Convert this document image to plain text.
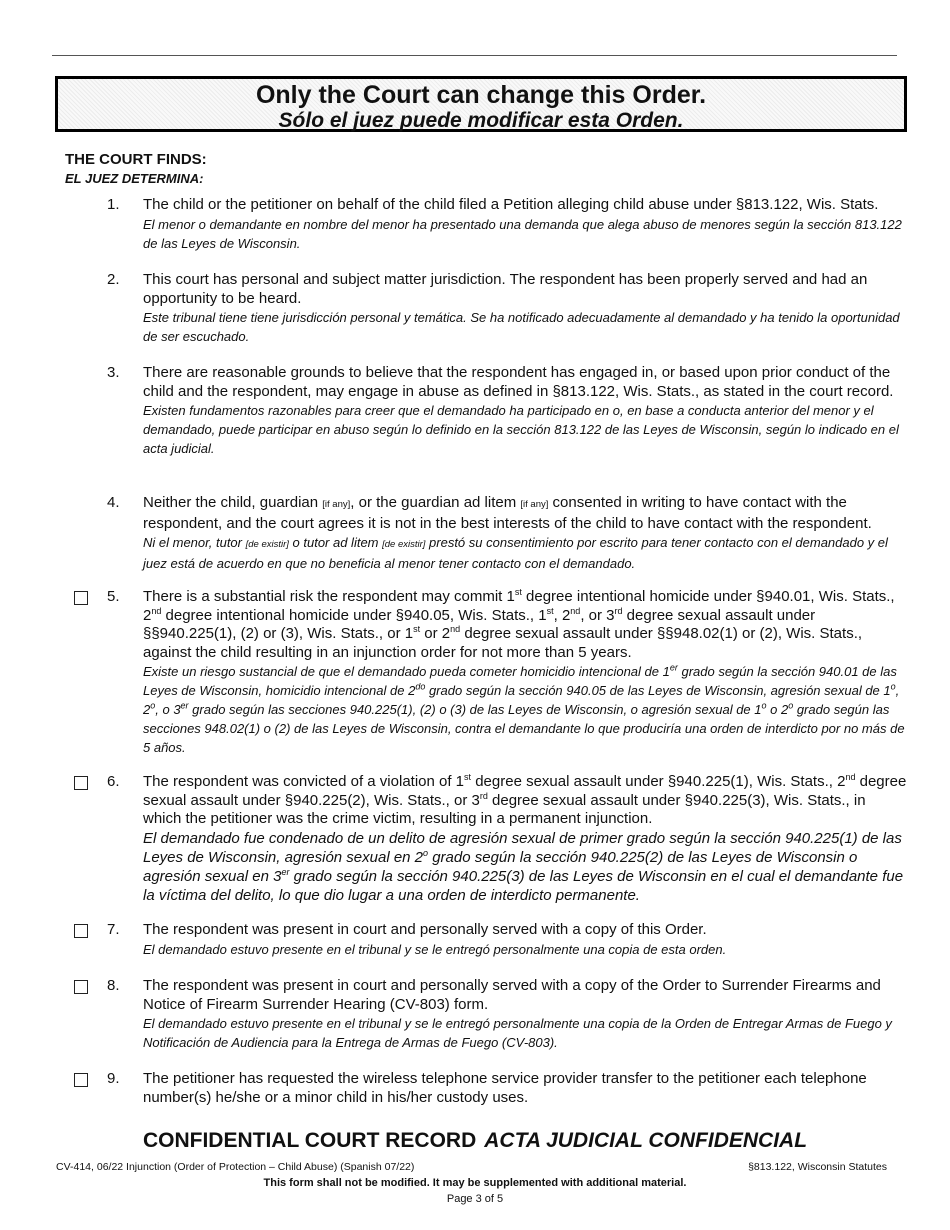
Only the Court can change this Order.
Sólo el juez puede modificar esta Orden.
THE COURT FINDS:
EL JUEZ DETERMINA:
1. The child or the petitioner on behalf of the child filed a Petition alleging child abuse under §813.122, Wis. Stats.
El menor o demandante en nombre del menor ha presentado una demanda que alega abuso de menores según la sección 813.122 de las Leyes de Wisconsin.
2. This court has personal and subject matter jurisdiction. The respondent has been properly served and had an opportunity to be heard.
Este tribunal tiene tiene jurisdicción personal y temática. Se ha notificado adecuadamente al demandado y ha tenido la oportunidad de ser escuchado.
3. There are reasonable grounds to believe that the respondent has engaged in, or based upon prior conduct of the child and the respondent, may engage in abuse as defined in §813.122, Wis. Stats., as stated in the court record.
Existen fundamentos razonables para creer que el demandado ha participado en o, en base a conducta anterior del menor y el demandado, puede participar en abuso según lo definido en la sección 813.122 de las Leyes de Wisconsin, según lo indicado en el acta judicial.
4. Neither the child, guardian [if any], or the guardian ad litem [if any] consented in writing to have contact with the respondent, and the court agrees it is not in the best interests of the child to have contact with the respondent.
Ni el menor, tutor [de existir] o tutor ad litem [de existir] prestó su consentimiento por escrito para tener contacto con el demandado y el juez está de acuerdo en que no beneficia al menor tener contacto con el demandado.
5. There is a substantial risk the respondent may commit 1st degree intentional homicide under §940.01, Wis. Stats., 2nd degree intentional homicide under §940.05, Wis. Stats., 1st, 2nd, or 3rd degree sexual assault under §§940.225(1), (2) or (3), Wis. Stats., or 1st or 2nd degree sexual assault under §§948.02(1) or (2), Wis. Stats., against the child resulting in an injunction order for not more than 5 years.
Existe un riesgo sustancial de que el demandado pueda cometer homicidio intencional de 1er grado según la sección 940.01 de las Leyes de Wisconsin, homicidio intencional de $2^{do}$ grado según la sección 940.05 de las Leyes de Wisconsin, agresión sexual de 1$^o$, 2$^o$, o 3er grado según las secciones 940.225(1), (2) o (3) de las Leyes de Wisconsin, o agresión sexual de 1$^o$ o 2$^o$ grado según las secciones 948.02(1) o (2) de las Leyes de Wisconsin, contra el demandante lo que produciría una orden de interdicto por no más de 5 años.
6. The respondent was convicted of a violation of 1st degree sexual assault under §940.225(1), Wis. Stats., 2nd degree sexual assault under §940.225(2), Wis. Stats., or 3rd degree sexual assault under §940.225(3), Wis. Stats., in which the petitioner was the crime victim, resulting in a permanent injunction.
El demandado fue condenado de un delito de agresión sexual de primer grado según la sección 940.225(1) de las Leyes de Wisconsin, agresión sexual en 2$^o$ grado según la sección 940.225(2) de las Leyes de Wisconsin o agresión sexual en 3er grado según la sección 940.225(3) de las Leyes de Wisconsin en el cual el demandante fue la víctima del delito, lo que dio lugar a una orden de interdicto permanente.
7. The respondent was present in court and personally served with a copy of this Order.
El demandado estuvo presente en el tribunal y se le entregó personalmente una copia de esta orden.
8. The respondent was present in court and personally served with a copy of the Order to Surrender Firearms and Notice of Firearm Surrender Hearing (CV-803) form.
El demandado estuvo presente en el tribunal y se le entregó personalmente una copia de la Orden de Entregar Armas de Fuego y Notificación de Audiencia para la Entrega de Armas de Fuego (CV-803).
9. The petitioner has requested the wireless telephone service provider transfer to the petitioner each telephone number(s) he/she or a minor child in his/her custody uses.
CONFIDENTIAL COURT RECORD ACTA JUDICIAL CONFIDENCIAL
CV-414, 06/22 Injunction (Order of Protection – Child Abuse) (Spanish 07/22)	§813.122, Wisconsin Statutes
This form shall not be modified. It may be supplemented with additional material.
Page 3 of 5
